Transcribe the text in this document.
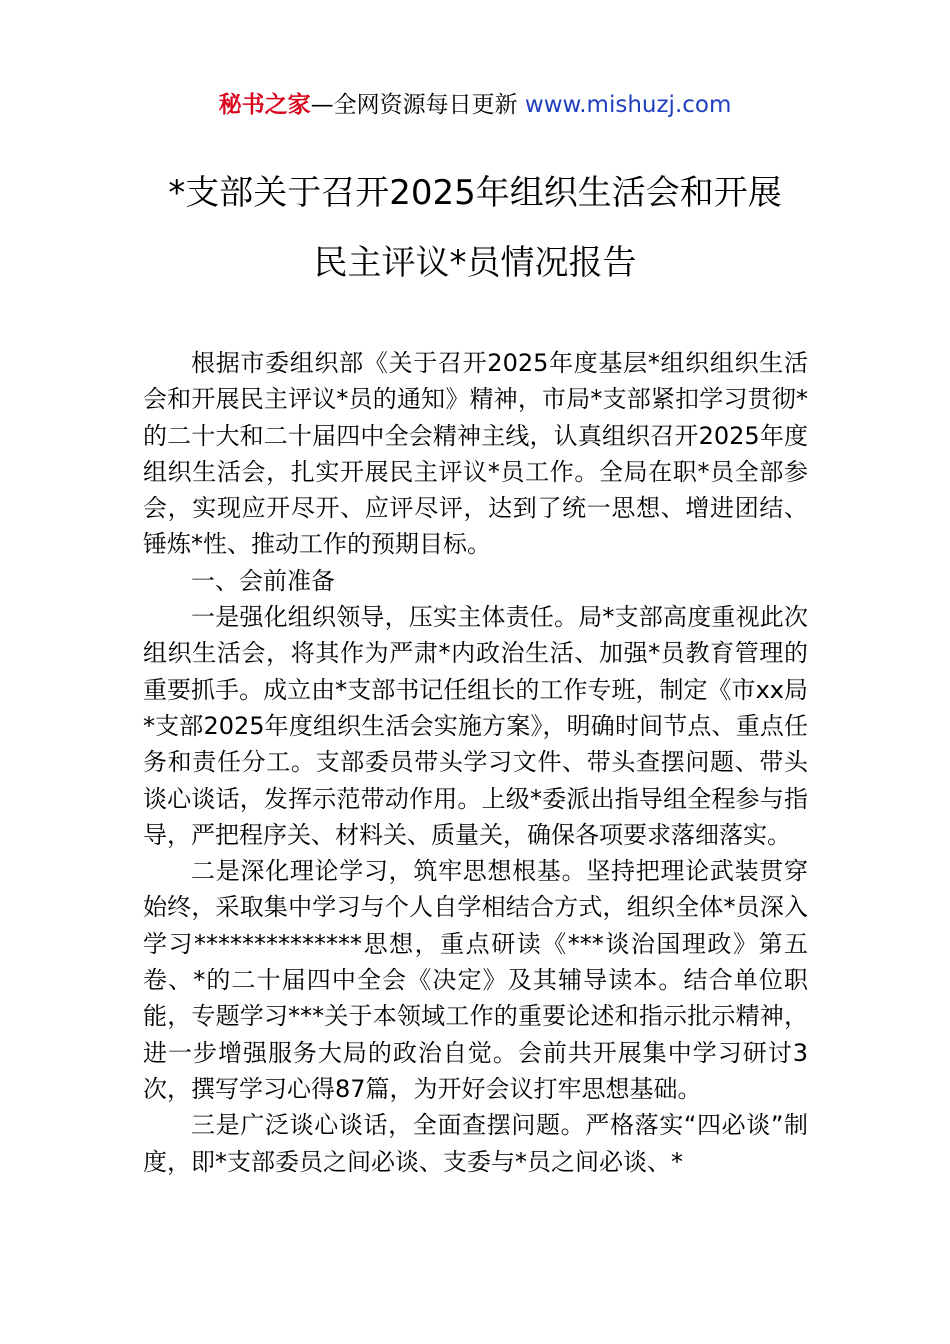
秘书之家—全网资源每日更新 www.mishuzj.com
*支部关于召开2025年组织生活会和开展
民主评议*员情况报告

根据市委组织部《关于召开2025年度基层*组织组织生活会和开展民主评议*员的通知》精神，市局*支部紧扣学习贯彻*的二十大和二十届四中全会精神主线，认真组织召开2025年度组织生活会，扎实开展民主评议*员工作。全局在职*员全部参会，实现应开尽开、应评尽评，达到了统一思想、增进团结、锤炼*性、推动工作的预期目标。

一、会前准备

一是强化组织领导，压实主体责任。局*支部高度重视此次组织生活会，将其作为严肃*内政治生活、加强*员教育管理的重要抓手。成立由*支部书记任组长的工作专班，制定《市xx局*支部2025年度组织生活会实施方案》，明确时间节点、重点任务和责任分工。支部委员带头学习文件、带头查摆问题、带头谈心谈话，发挥示范带动作用。上级*委派出指导组全程参与指导，严把程序关、材料关、质量关，确保各项要求落细落实。

二是深化理论学习，筑牢思想根基。坚持把理论武装贯穿始终，采取集中学习与个人自学相结合方式，组织全体*员深入学习**************思想，重点研读《***谈治国理政》第五卷、*的二十届四中全会《决定》及其辅导读本。结合单位职能，专题学习***关于本领域工作的重要论述和指示批示精神，进一步增强服务大局的政治自觉。会前共开展集中学习研讨3次，撰写学习心得87篇，为开好会议打牢思想基础。

三是广泛谈心谈话，全面查摆问题。严格落实“四必谈”制度，即*支部委员之间必谈、支委与*员之间必谈、*
